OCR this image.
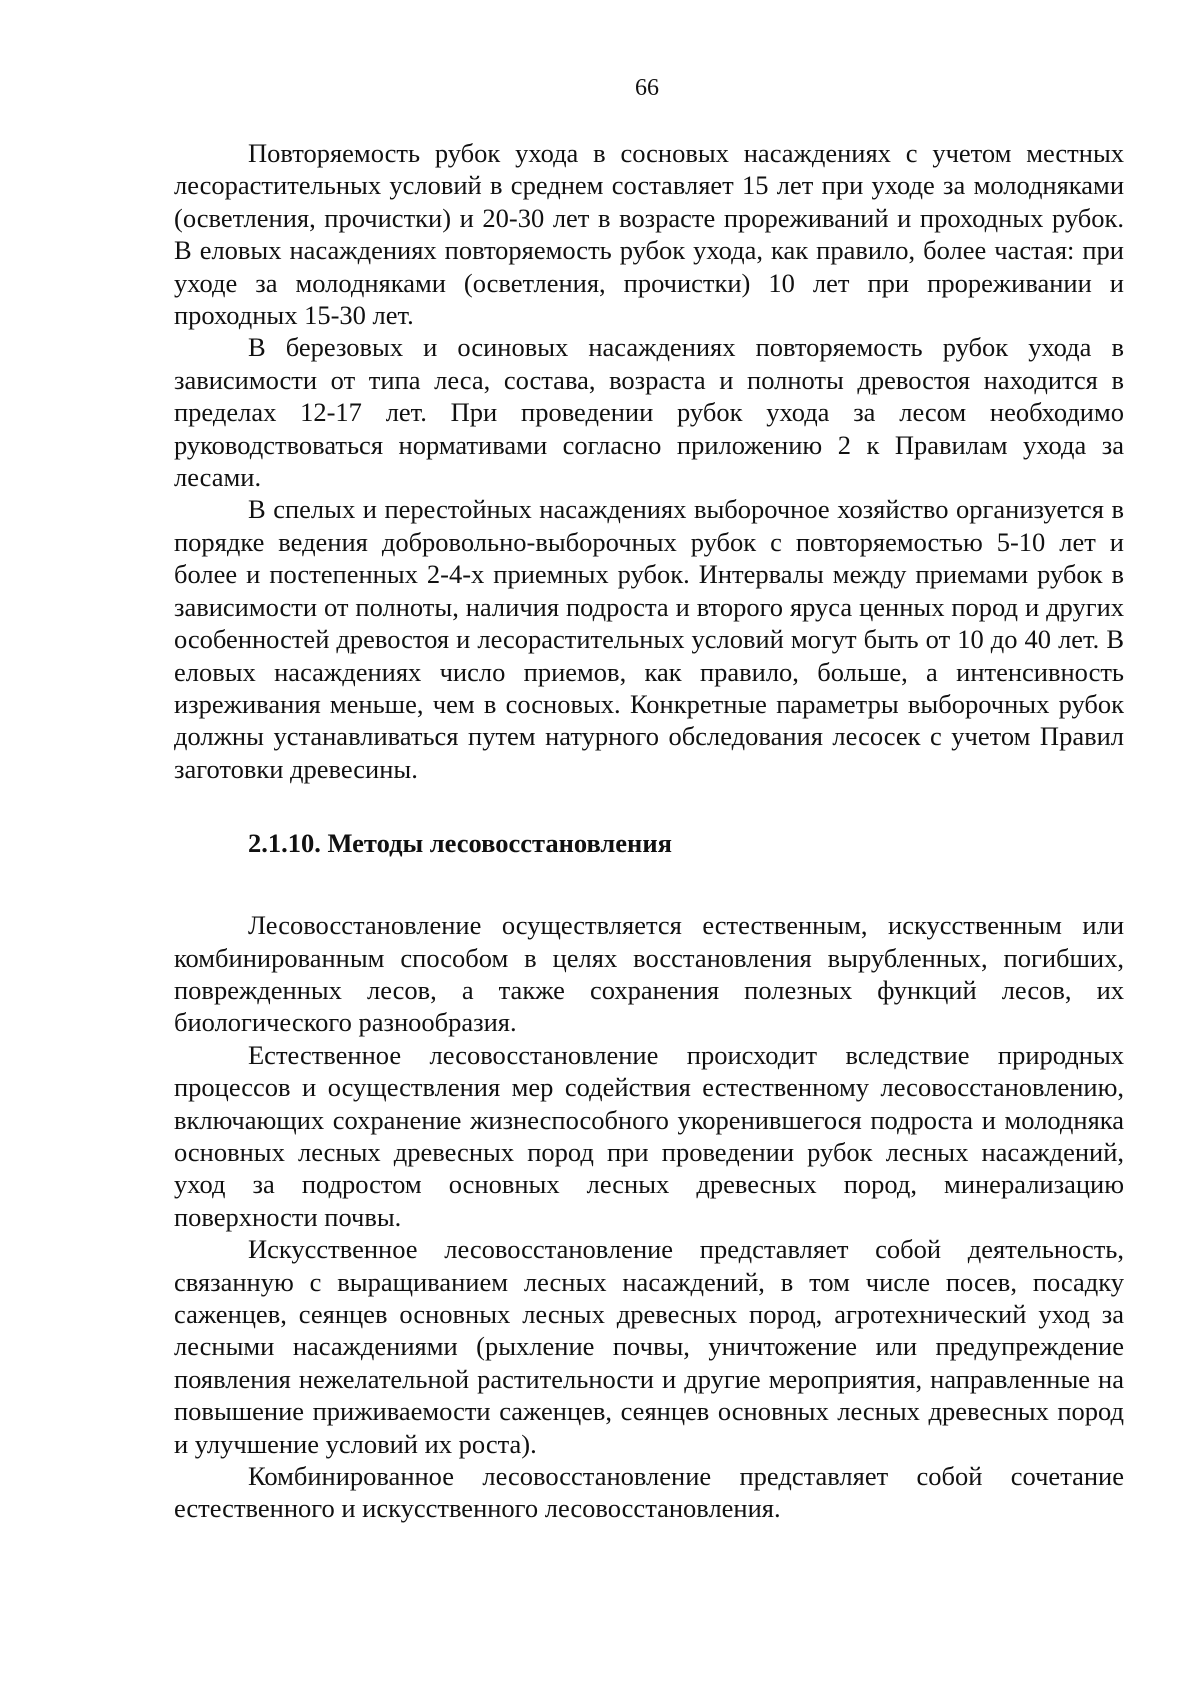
66

Повторяемость рубок ухода в сосновых насаждениях с учетом местных лесорастительных условий в среднем составляет 15 лет при уходе за молодняками (осветления, прочистки) и 20-30 лет в возрасте прореживаний и проходных рубок. В еловых насаждениях повторяемость рубок ухода, как правило, более частая: при уходе за молодняками (осветления, прочистки) 10 лет при прореживании и проходных 15-30 лет.

В березовых и осиновых насаждениях повторяемость рубок ухода в зависимости от типа леса, состава, возраста и полноты древостоя находится в пределах 12-17 лет. При проведении рубок ухода за лесом необходимо руководствоваться нормативами согласно приложению 2 к Правилам ухода за лесами.

В спелых и перестойных насаждениях выборочное хозяйство организуется в порядке ведения добровольно-выборочных рубок с повторяемостью 5-10 лет и более и постепенных 2-4-х приемных рубок. Интервалы между приемами рубок в зависимости от полноты, наличия подроста и второго яруса ценных пород и других особенностей древостоя и лесорастительных условий могут быть от 10 до 40 лет. В еловых насаждениях число приемов, как правило, больше, а интенсивность изреживания меньше, чем в сосновых. Конкретные параметры выборочных рубок должны устанавливаться путем натурного обследования лесосек с учетом Правил заготовки древесины.

2.1.10. Методы лесовосстановления

Лесовосстановление осуществляется естественным, искусственным или комбинированным способом в целях восстановления вырубленных, погибших, поврежденных лесов, а также сохранения полезных функций лесов, их биологического разнообразия.

Естественное лесовосстановление происходит вследствие природных процессов и осуществления мер содействия естественному лесовосстановлению, включающих сохранение жизнеспособного укоренившегося подроста и молодняка основных лесных древесных пород при проведении рубок лесных насаждений, уход за подростом основных лесных древесных пород, минерализацию поверхности почвы.

Искусственное лесовосстановление представляет собой деятельность, связанную с выращиванием лесных насаждений, в том числе посев, посадку саженцев, сеянцев основных лесных древесных пород, агротехнический уход за лесными насаждениями (рыхление почвы, уничтожение или предупреждение появления нежелательной растительности и другие мероприятия, направленные на повышение приживаемости саженцев, сеянцев основных лесных древесных пород и улучшение условий их роста).

Комбинированное лесовосстановление представляет собой сочетание естественного и искусственного лесовосстановления.
